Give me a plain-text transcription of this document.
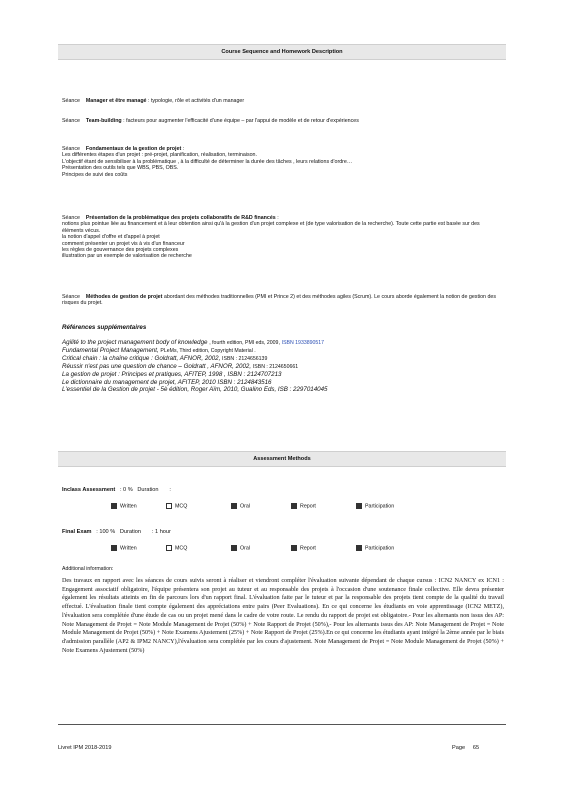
Course Sequence and Homework Description

Séance Manager et être managé : typologie, rôle et activités d'un manager

Séance Team-building : facteurs pour augmenter l'efficacité d'une équipe – par l'appui de modèle et de retour d'expériences

Séance Fondamentaux de la gestion de projet :

Les différentes étapes d'un projet : pré-projet, planification, réalisation, terminaison.

L'objectif étant de sensibiliser à la problématique , à la difficulté de déterminer la durée des tâches , leurs relations d'ordre…

Présentation des outils tels que WBS, PBS, OBS.

Principes de suivi des coûts

Séance Présentation de la problématique des projets collaboratifs de R&D financés :

notions plus pointue liée au financement et à leur obtention ainsi qu'à la gestion d'un projet complexe et (de type valorisation de la recherche). Toute cette partie est basée sur des éléments vécus.

la notion d'appel d'offre et d'appel à projet

comment présenter un projet vis à vis d'un financeur

les règles de gouvernance des projets complexes

illustration par un exemple de valorisation de recherche

Séance Méthodes de gestion de projet abordant des méthodes traditionnelles (PMI et Prince 2) et des méthodes agiles (Scrum). Le cours aborde également la notion de gestion des risques du projet.

Références supplémentaires

Agilité to the project management body of knowledge , fourth edition, PMI eds, 2009, ISBN 1933890517

Fundamental Project Management, PLeMs, Third edition, Copyright Material .

Critical chain : la chaîne critique : Goldratt, AFNOR, 2002, ISBN : 2124656139

Réussir n'est pas une question de chance – Goldratt , AFNOR, 2002, ISBN : 2124650661

La gestion de projet : Principes et pratiques, AFITEP, 1998 , ISBN : 2124707213

Le dictionnaire du management de projet, AFITEP, 2010 ISBN : 2124843516

L'essentiel de la Gestion de projet - 5è édition, Roger Aïm, 2010, Gualino Eds, ISB : 2297014045

Assessment Methods
Inclass Assessment : 0 % Duration :
Written	MCQ	Oral	Report	Participation
Final Exam : 100 % Duration : 1 hour
Written	MCQ	Oral	Report	Participation
Additional information:

Des travaux en rapport avec les séances de cours suivis seront à réaliser et viendront compléter l'évaluation suivante dépendant de chaque cursus : ICN2 NANCY ex ICN1 : Engagement associatif obligatoire, l'équipe présentera son projet au tuteur et au responsable des projets à l'occasion d'une soutenance finale collective. Elle devra présenter également les résultats atteints en fin de parcours lors d'un rapport final. L'évaluation faite par le tuteur et par la responsable des projets tient compte de la qualité du travail effectué. L'évaluation finale tient compte également des appréciations entre pairs (Peer Evaluations). En ce qui concerne les étudiants en voie apprentissage (ICN2 METZ), l'évaluation sera complétée d'une étude de cas ou un projet mené dans le cadre de votre route. Le rendu du rapport de projet est obligatoire.- Pour les alternants non issus des AP: Note Management de Projet = Note Module Management de Projet (50%) + Note Rapport de Projet (50%),- Pour les alternants issus des AP: Note Management de Projet = Note Module Management de Projet (50%) + Note Examens Ajustement (25%) + Note Rapport de Projet (25%).En ce qui concerne les étudiants ayant intégré la 2ème année par le biais d'admission parallèle (AP2 & IPM2 NANCY),l'évaluation sera complétée par les cours d'ajustement. Note Management de Projet = Note Module Management de Projet (50%) + Note Examens Ajustement (50%)

Livret IPM 2018-2019	Page 65
